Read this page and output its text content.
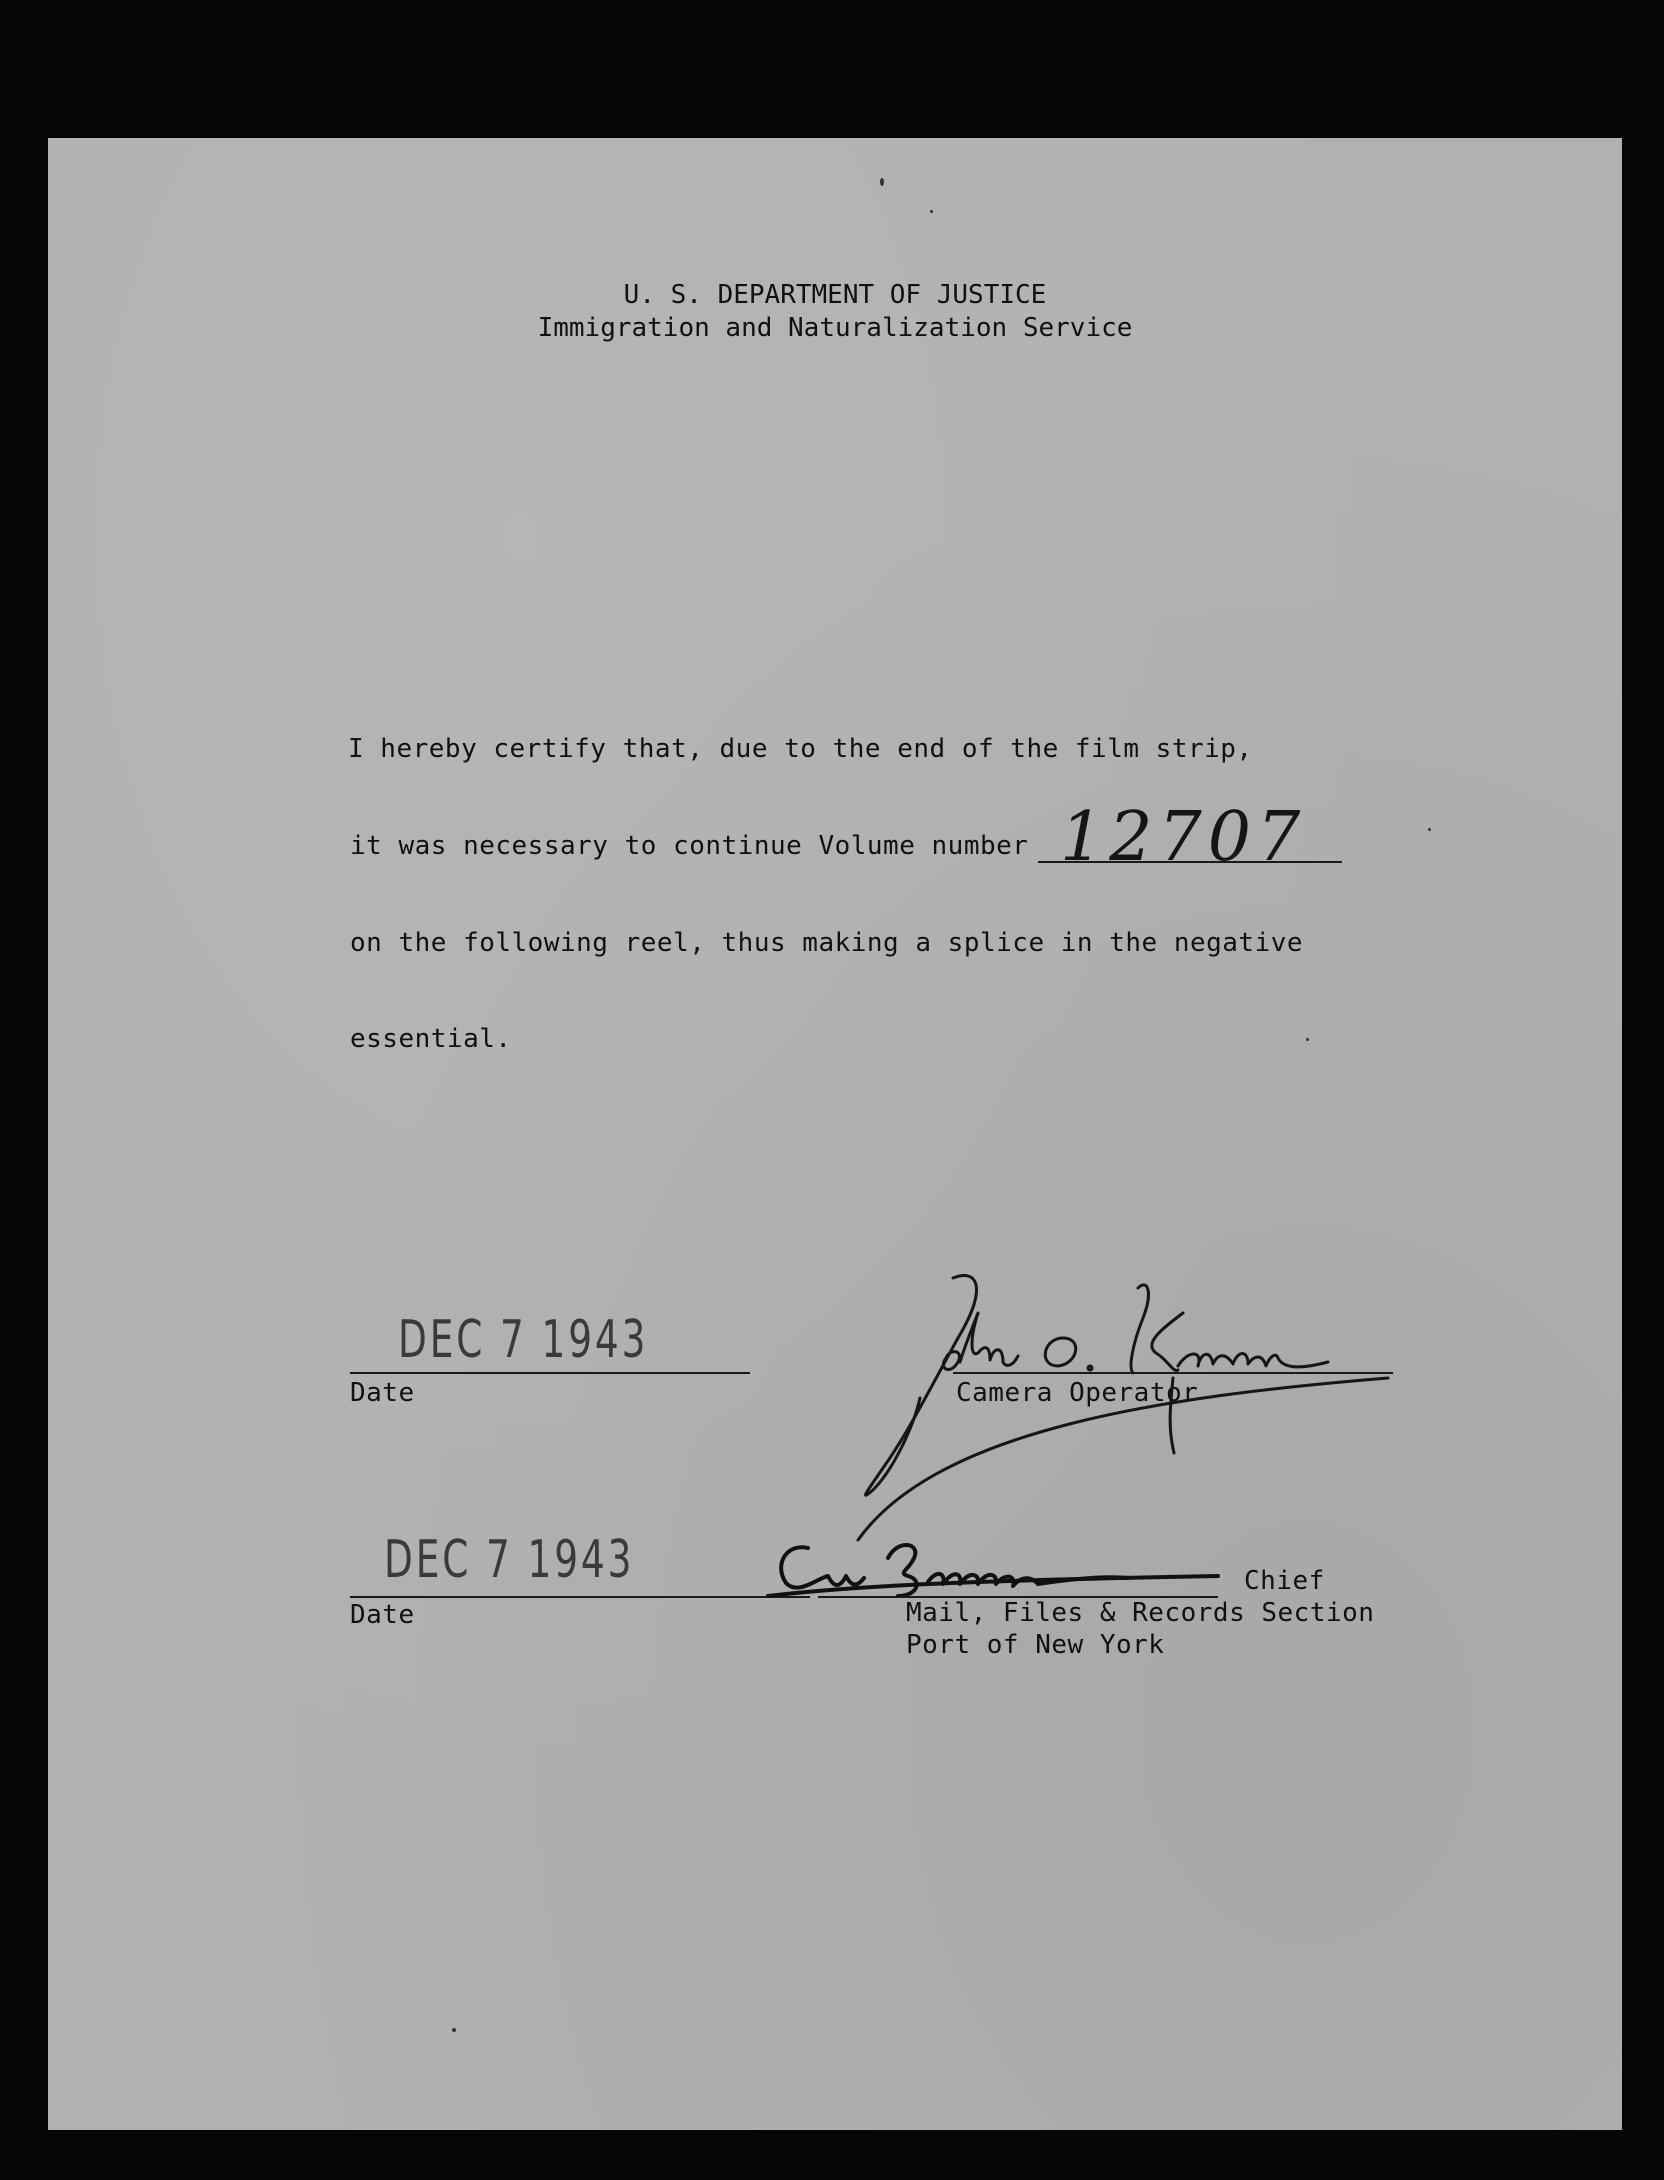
U. S. DEPARTMENT OF JUSTICE
Immigration and Naturalization Service
I hereby certify that, due to the end of the film strip,
it was necessary to continue Volume number 12707
on the following reel, thus making a splice in the negative
essential.
DEC 7 1943
Date	Camera Operator
DEC 7 1943
Date
Chief
Mail, Files & Records Section
Port of New York
